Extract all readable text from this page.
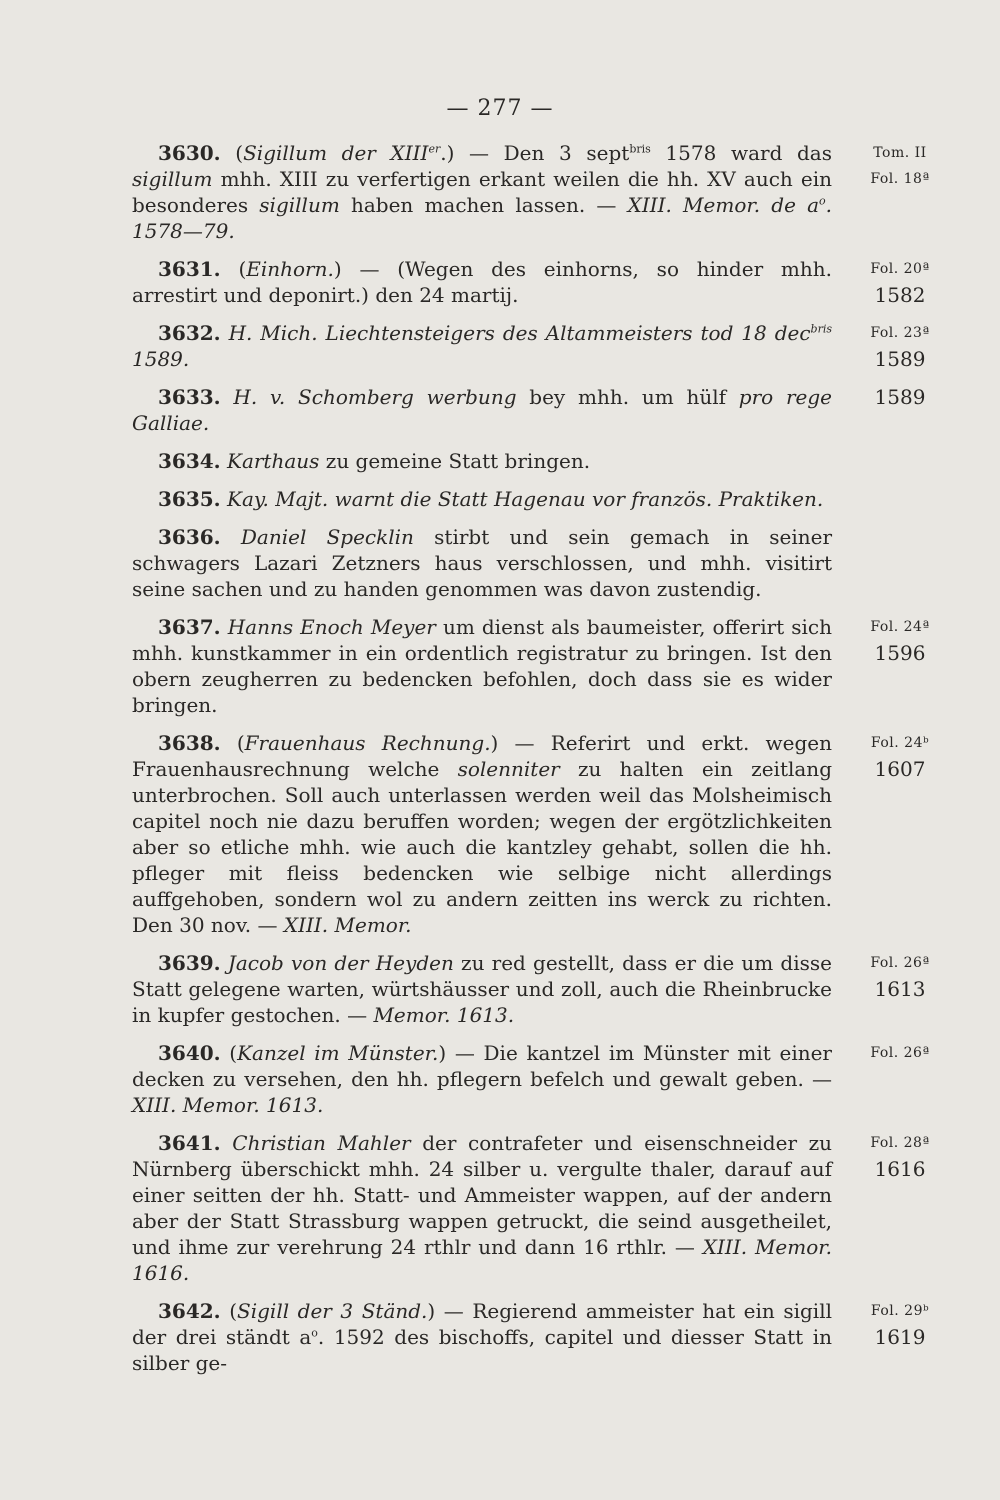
— 277 —

3630. (Sigillum der XIIIer.) — Den 3 sept$^{bris}$ 1578 ward das sigillum mhh. XIII zu verfertigen erkant weilen die hh. XV auch ein besonderes sigillum haben machen lassen. — XIII. Memor. de $a^o$. 1578—79.

Tom. II
Fol. 18ª

3631. (Einhorn.) — (Wegen des einhorns, so hinder mhh. arrestirt und deponirt.) den 24 martij.

Fol. 20ª
1582

3632. H. Mich. Liechtensteigers des Altammeisters tod 18 dec$^{bris}$ 1589.

Fol. 23ª
1589

3633. H. v. Schomberg werbung bey mhh. um hülf pro rege Galliae.

1589

3634. Karthaus zu gemeine Statt bringen.

3635. Kay. Majt. warnt die Statt Hagenau vor französ. Praktiken.

3636. Daniel Specklin stirbt und sein gemach in seiner schwagers Lazari Zetzners haus verschlossen, und mhh. visitirt seine sachen und zu handen genommen was davon zustendig.

3637. Hanns Enoch Meyer um dienst als baumeister, offerirt sich mhh. kunstkammer in ein ordentlich registratur zu bringen. Ist den obern zeugherren zu bedencken befohlen, doch dass sie es wider bringen.

Fol. 24ª
1596

3638. (Frauenhaus Rechnung.) — Referirt und erkt. wegen Frauenhausrechnung welche solenniter zu halten ein zeitlang unterbrochen. Soll auch unterlassen werden weil das Molsheimisch capitel noch nie dazu beruffen worden; wegen der ergötzlichkeiten aber so etliche mhh. wie auch die kantzley gehabt, sollen die hh. pfleger mit fleiss bedencken wie selbige nicht allerdings auffgehoben, sondern wol zu andern zeitten ins werck zu richten. Den 30 nov. — XIII. Memor.

Fol. 24ᵇ
1607

3639. Jacob von der Heyden zu red gestellt, dass er die um disse Statt gelegene warten, würtshäusser und zoll, auch die Rheinbrucke in kupfer gestochen. — Memor. 1613.

Fol. 26ª
1613

3640. (Kanzel im Münster.) — Die kantzel im Münster mit einer decken zu versehen, den hh. pflegern befelch und gewalt geben. — XIII. Memor. 1613.

Fol. 26ª

3641. Christian Mahler der contrafeter und eisenschneider zu Nürnberg überschickt mhh. 24 silber u. vergulte thaler, darauf auf einer seitten der hh. Statt- und Ammeister wappen, auf der andern aber der Statt Strassburg wappen getruckt, die seind ausgetheilet, und ihme zur verehrung 24 rthlr und dann 16 rthlr. — XIII. Memor. 1616.

Fol. 28ª
1616

3642. (Sigill der 3 Ständ.) — Regierend ammeister hat ein sigill der drei ständt $a^o$. 1592 des bischoffs, capitel und diesser Statt in silber ge-

Fol. 29ᵇ
1619
